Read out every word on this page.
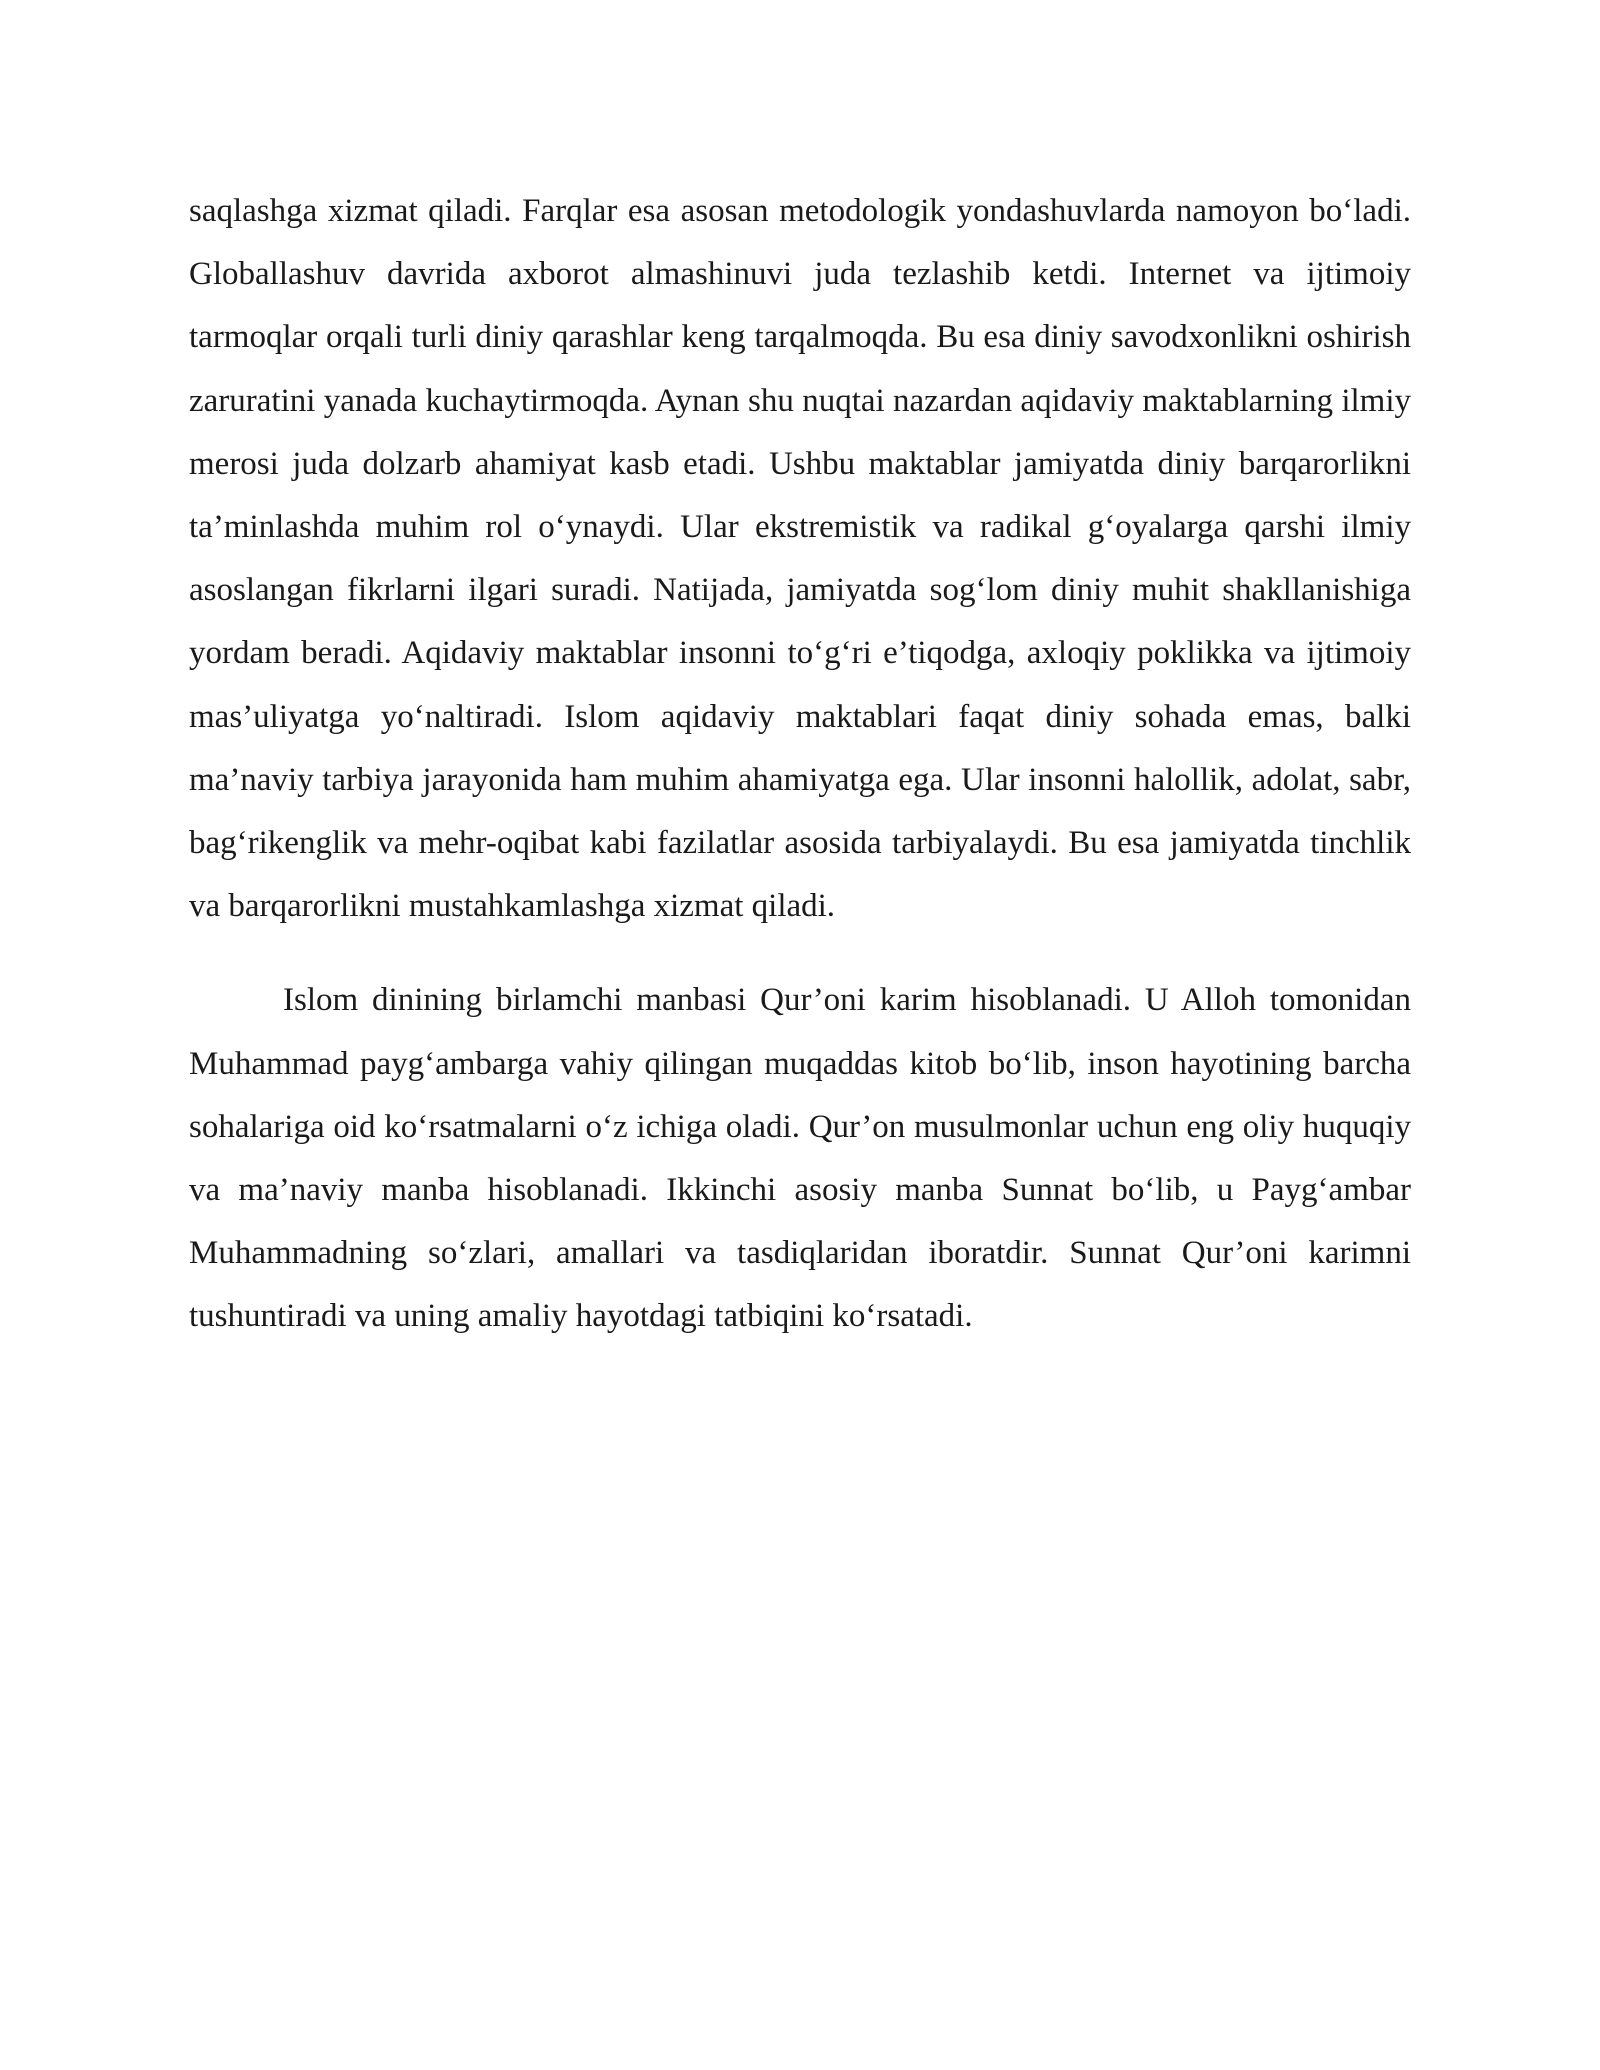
saqlashga xizmat qiladi. Farqlar esa asosan metodologik yondashuvlarda namoyon bo‘ladi. Globallashuv davrida axborot almashinuvi juda tezlashib ketdi. Internet va ijtimoiy tarmoqlar orqali turli diniy qarashlar keng tarqalmoqda. Bu esa diniy savodxonlikni oshirish zaruratini yanada kuchaytirmoqda. Aynan shu nuqtai nazardan aqidaviy maktablarning ilmiy merosi juda dolzarb ahamiyat kasb etadi. Ushbu maktablar jamiyatda diniy barqarorlikni ta’minlashda muhim rol o‘ynaydi. Ular ekstremistik va radikal g‘oyalarga qarshi ilmiy asoslangan fikrlarni ilgari suradi. Natijada, jamiyatda sog‘lom diniy muhit shakllanishiga yordam beradi. Aqidaviy maktablar insonni to‘g‘ri e’tiqodga, axloqiy poklikka va ijtimoiy mas’uliyatga yo‘naltiradi. Islom aqidaviy maktablari faqat diniy sohada emas, balki ma’naviy tarbiya jarayonida ham muhim ahamiyatga ega. Ular insonni halollik, adolat, sabr, bag‘rikenglik va mehr-oqibat kabi fazilatlar asosida tarbiyalaydi. Bu esa jamiyatda tinchlik va barqarorlikni mustahkamlashga xizmat qiladi.

Islom dinining birlamchi manbasi Qur’oni karim hisoblanadi. U Alloh tomonidan Muhammad payg‘ambarga vahiy qilingan muqaddas kitob bo‘lib, inson hayotining barcha sohalariga oid ko‘rsatmalarni o‘z ichiga oladi. Qur’on musulmonlar uchun eng oliy huquqiy va ma’naviy manba hisoblanadi. Ikkinchi asosiy manba Sunnat bo‘lib, u Payg‘ambar Muhammadning so‘zlari, amallari va tasdiqlaridan iboratdir. Sunnat Qur’oni karimni tushuntiradi va uning amaliy hayotdagi tatbiqini ko‘rsatadi.
